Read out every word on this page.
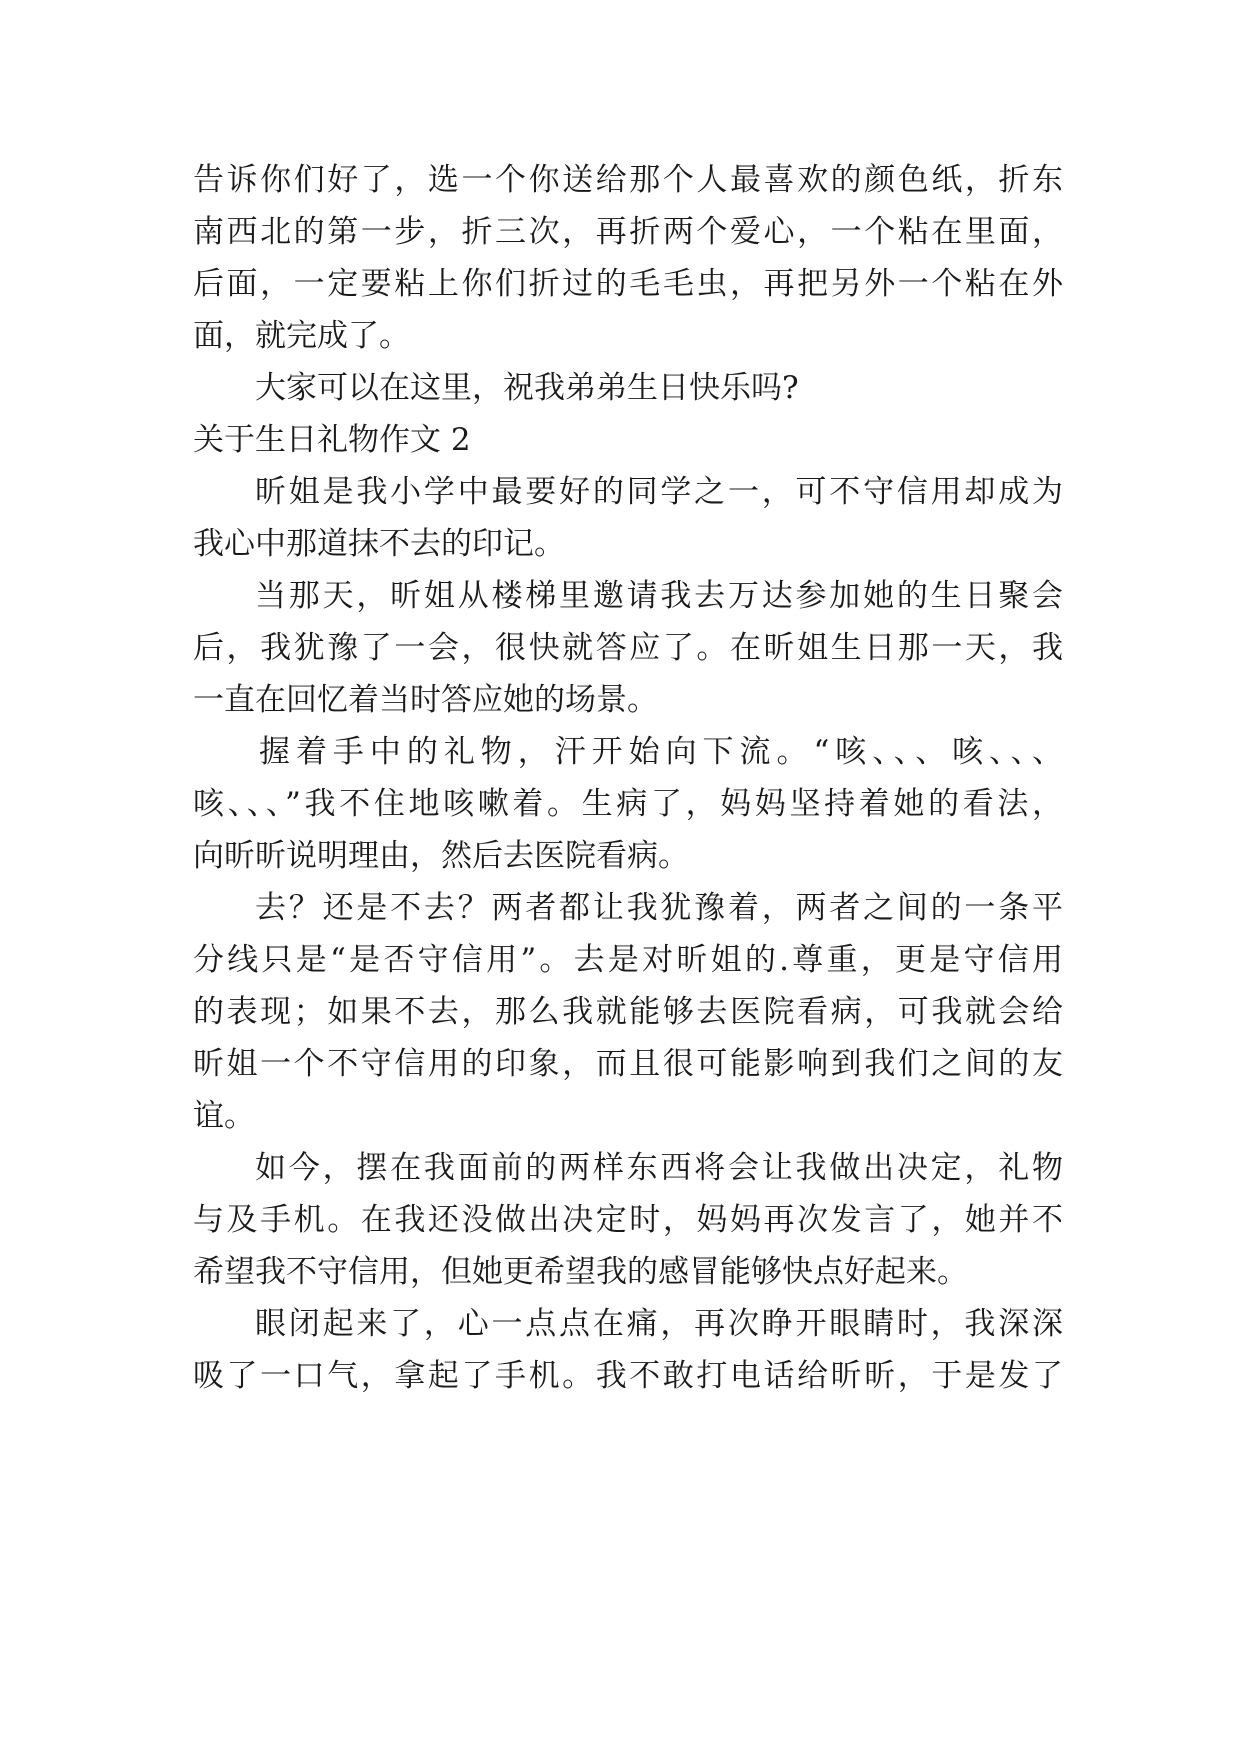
告诉你们好了，选一个你送给那个人最喜欢的颜色纸，折东
南西北的第一步，折三次，再折两个爱心，一个粘在里面，
后面，一定要粘上你们折过的毛毛虫，再把另外一个粘在外
面，就完成了。
大家可以在这里，祝我弟弟生日快乐吗?
关于生日礼物作文 2
昕姐是我小学中最要好的同学之一，可不守信用却成为
我心中那道抹不去的印记。
当那天，昕姐从楼梯里邀请我去万达参加她的生日聚会
后，我犹豫了一会，很快就答应了。在昕姐生日那一天，我
一直在回忆着当时答应她的场景。
握着手中的礼物，汗开始向下流。“咳、、、咳、、、
咳、、、”我不住地咳嗽着。生病了，妈妈坚持着她的看法，
向昕昕说明理由，然后去医院看病。
去？还是不去？两者都让我犹豫着，两者之间的一条平
分线只是“是否守信用”。去是对昕姐的.尊重，更是守信用
的表现；如果不去，那么我就能够去医院看病，可我就会给
昕姐一个不守信用的印象，而且很可能影响到我们之间的友
谊。
如今，摆在我面前的两样东西将会让我做出决定，礼物
与及手机。在我还没做出决定时，妈妈再次发言了，她并不
希望我不守信用，但她更希望我的感冒能够快点好起来。
眼闭起来了，心一点点在痛，再次睁开眼睛时，我深深
吸了一口气，拿起了手机。我不敢打电话给昕昕，于是发了
